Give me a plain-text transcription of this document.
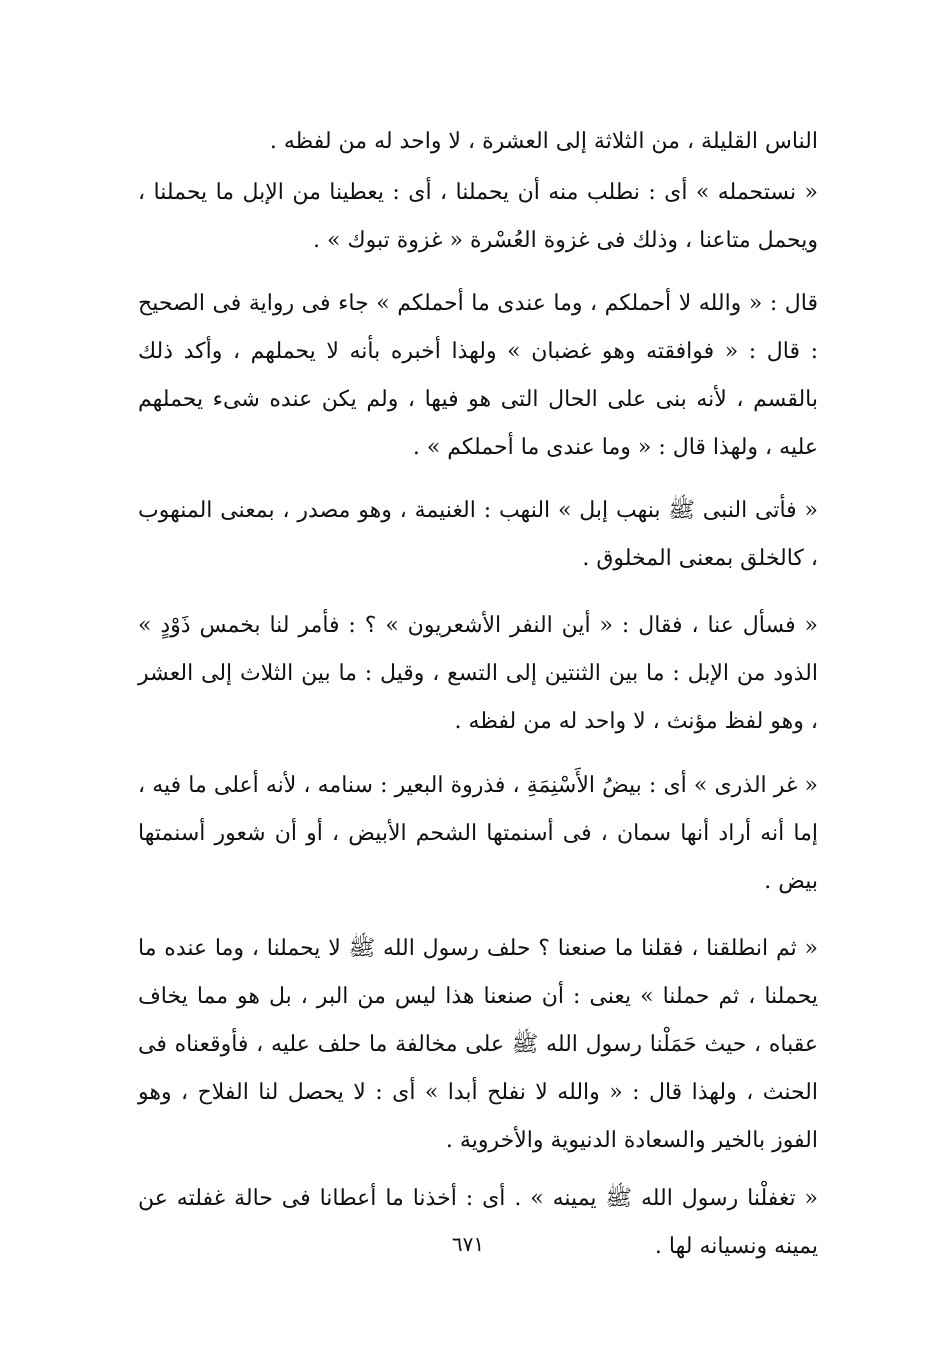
الناس القليلة ، من الثلاثة إلى العشرة ، لا واحد له من لفظه .

« نستحمله » أى : نطلب منه أن يحملنا ، أى : يعطينا من الإبل ما يحملنا ، ويحمل متاعنا ، وذلك فى غزوة العُسْرة « غزوة تبوك » .

قال : « والله لا أحملكم ، وما عندى ما أحملكم » جاء فى رواية فى الصحيح : قال : « فوافقته وهو غضبان » ولهذا أخبره بأنه لا يحملهم ، وأكد ذلك بالقسم ، لأنه بنى على الحال التى هو فيها ، ولم يكن عنده شىء يحملهم عليه ، ولهذا قال : « وما عندى ما أحملكم » .

« فأتى النبى ﷺ بنهب إبل » النهب : الغنيمة ، وهو مصدر ، بمعنى المنهوب ، كالخلق بمعنى المخلوق .

« فسأل عنا ، فقال : « أين النفر الأشعريون » ؟ : فأمر لنا بخمس ذَوْدٍ » الذود من الإبل : ما بين الثنتين إلى التسع ، وقيل : ما بين الثلاث إلى العشر ، وهو لفظ مؤنث ، لا واحد له من لفظه .

« غر الذرى » أى : بيضُ الأَسْنِمَةِ ، فذروة البعير : سنامه ، لأنه أعلى ما فيه ، إما أنه أراد أنها سمان ، فى أسنمتها الشحم الأبيض ، أو أن شعور أسنمتها بيض .

« ثم انطلقنا ، فقلنا ما صنعنا ؟ حلف رسول الله ﷺ لا يحملنا ، وما عنده ما يحملنا ، ثم حملنا » يعنى : أن صنعنا هذا ليس من البر ، بل هو مما يخاف عقباه ، حيث حَمَلْنا رسول الله ﷺ على مخالفة ما حلف عليه ، فأوقعناه فى الحنث ، ولهذا قال : « والله لا نفلح أبدا » أى : لا يحصل لنا الفلاح ، وهو الفوز بالخير والسعادة الدنيوية والأخروية .

« تغفلْنا رسول الله ﷺ يمينه » . أى : أخذنا ما أعطانا فى حالة غفلته عن يمينه ونسيانه لها .

٦٧١
